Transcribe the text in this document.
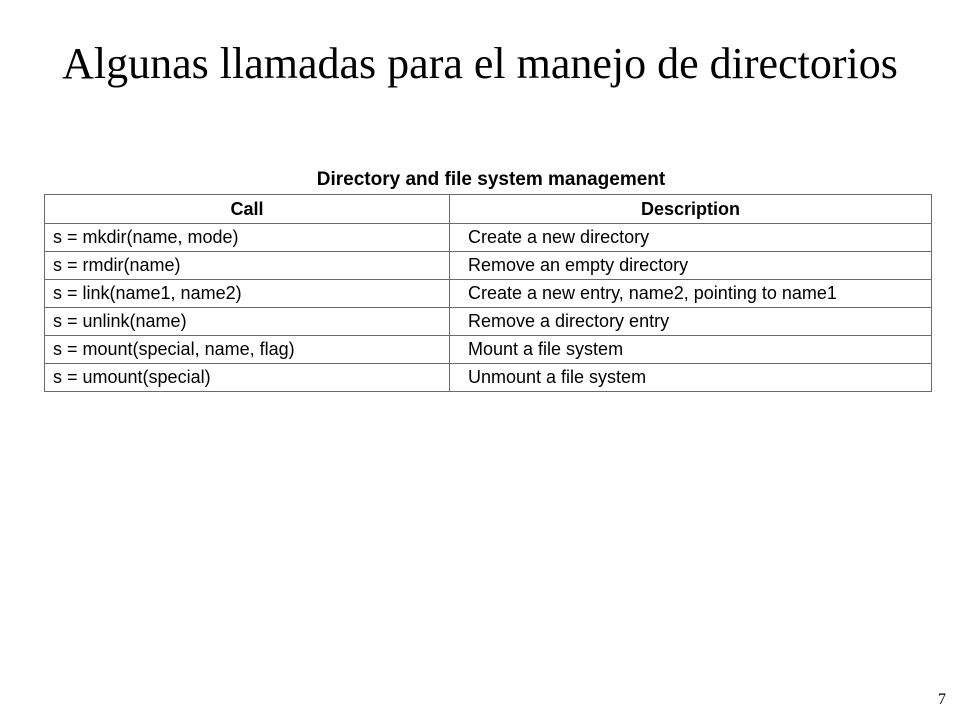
Algunas llamadas para el manejo de directorios
Directory and file system management
Call	Description
s = mkdir(name, mode)	Create a new directory
s = rmdir(name)	Remove an empty directory
s = link(name1, name2)	Create a new entry, name2, pointing to name1
s = unlink(name)	Remove a directory entry
s = mount(special, name, flag)	Mount a file system
s = umount(special)	Unmount a file system
7
